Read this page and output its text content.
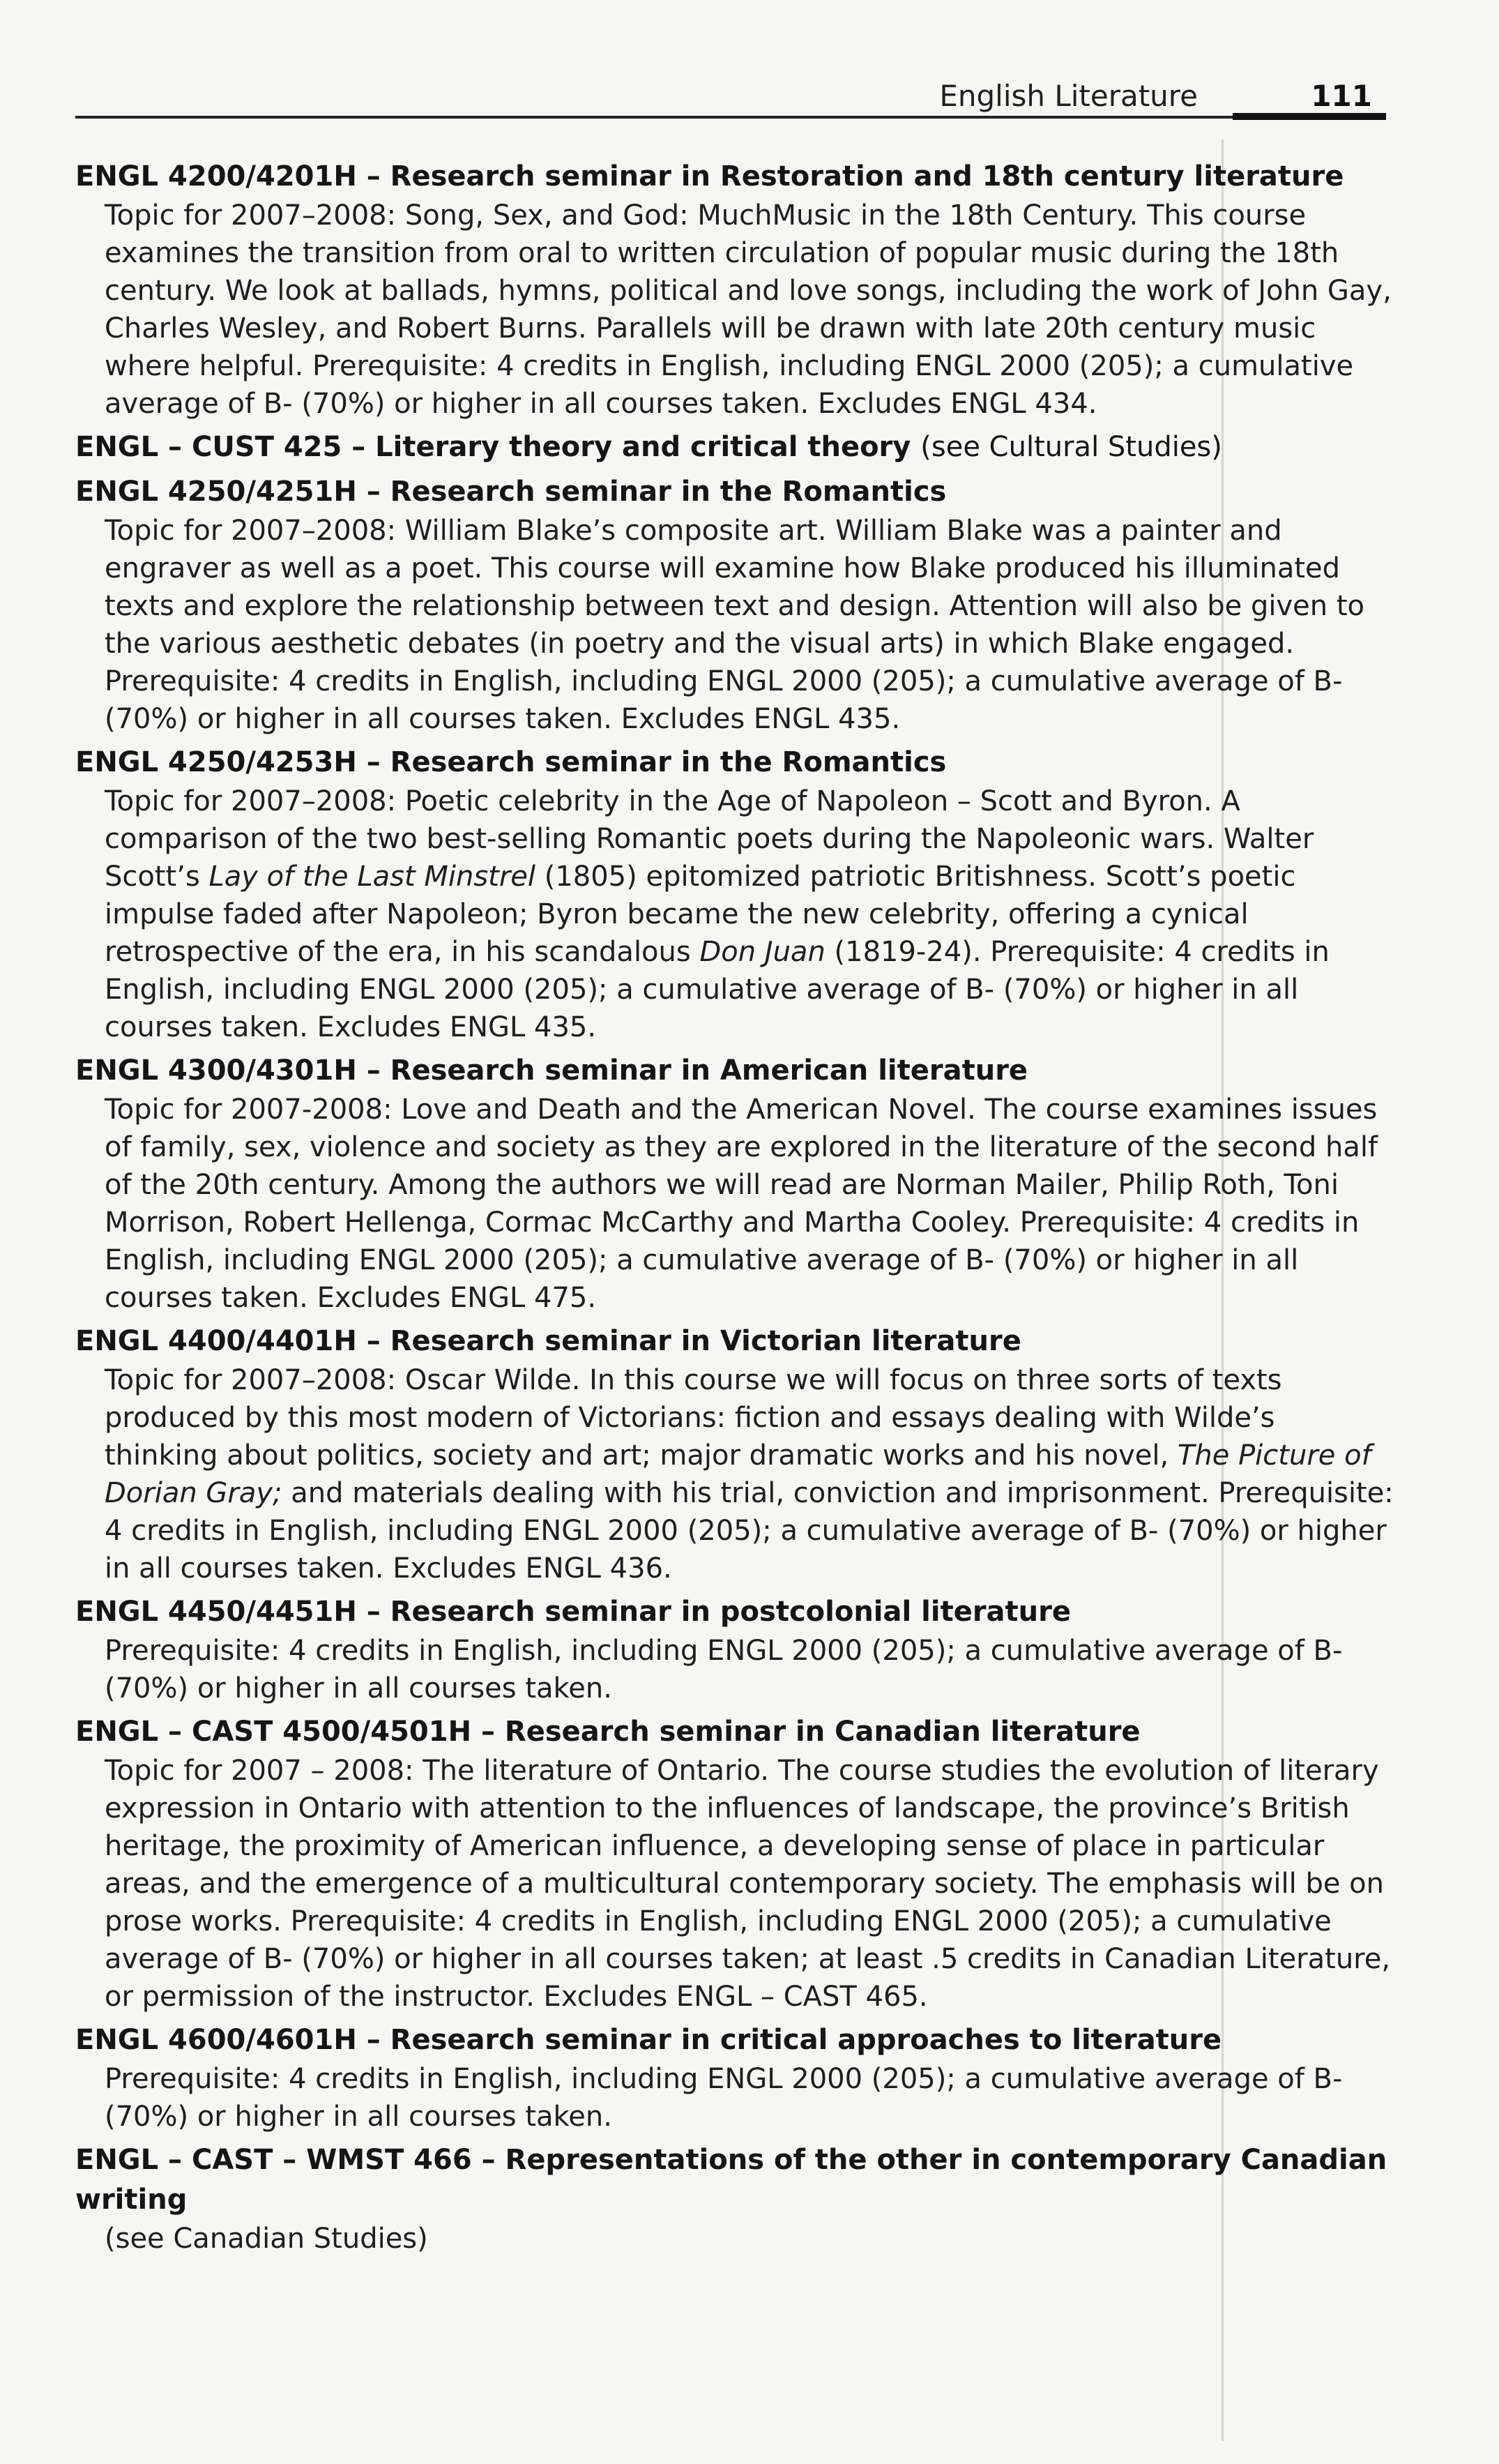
English Literature	111

ENGL 4200/4201H – Research seminar in Restoration and 18th century literature

Topic for 2007–2008: Song, Sex, and God: MuchMusic in the 18th Century. This course examines the transition from oral to written circulation of popular music during the 18th century. We look at ballads, hymns, political and love songs, including the work of John Gay, Charles Wesley, and Robert Burns. Parallels will be drawn with late 20th century music where helpful. Prerequisite: 4 credits in English, including ENGL 2000 (205); a cumulative average of B- (70%) or higher in all courses taken. Excludes ENGL 434.

ENGL – CUST 425 – Literary theory and critical theory (see Cultural Studies)

ENGL 4250/4251H – Research seminar in the Romantics

Topic for 2007–2008: William Blake’s composite art. William Blake was a painter and engraver as well as a poet. This course will examine how Blake produced his illuminated texts and explore the relationship between text and design. Attention will also be given to the various aesthetic debates (in poetry and the visual arts) in which Blake engaged. Prerequisite: 4 credits in English, including ENGL 2000 (205); a cumulative average of B- (70%) or higher in all courses taken. Excludes ENGL 435.

ENGL 4250/4253H – Research seminar in the Romantics

Topic for 2007–2008: Poetic celebrity in the Age of Napoleon – Scott and Byron. A comparison of the two best-selling Romantic poets during the Napoleonic wars. Walter Scott’s Lay of the Last Minstrel (1805) epitomized patriotic Britishness. Scott’s poetic impulse faded after Napoleon; Byron became the new celebrity, offering a cynical retrospective of the era, in his scandalous Don Juan (1819-24). Prerequisite: 4 credits in English, including ENGL 2000 (205); a cumulative average of B- (70%) or higher in all courses taken. Excludes ENGL 435.

ENGL 4300/4301H – Research seminar in American literature

Topic for 2007-2008: Love and Death and the American Novel. The course examines issues of family, sex, violence and society as they are explored in the literature of the second half of the 20th century. Among the authors we will read are Norman Mailer, Philip Roth, Toni Morrison, Robert Hellenga, Cormac McCarthy and Martha Cooley. Prerequisite: 4 credits in English, including ENGL 2000 (205); a cumulative average of B- (70%) or higher in all courses taken. Excludes ENGL 475.

ENGL 4400/4401H – Research seminar in Victorian literature

Topic for 2007–2008: Oscar Wilde. In this course we will focus on three sorts of texts produced by this most modern of Victorians: fiction and essays dealing with Wilde’s thinking about politics, society and art; major dramatic works and his novel, The Picture of Dorian Gray; and materials dealing with his trial, conviction and imprisonment. Prerequisite: 4 credits in English, including ENGL 2000 (205); a cumulative average of B- (70%) or higher in all courses taken. Excludes ENGL 436.

ENGL 4450/4451H – Research seminar in postcolonial literature

Prerequisite: 4 credits in English, including ENGL 2000 (205); a cumulative average of B- (70%) or higher in all courses taken.

ENGL – CAST 4500/4501H – Research seminar in Canadian literature

Topic for 2007 – 2008: The literature of Ontario. The course studies the evolution of literary expression in Ontario with attention to the influences of landscape, the province’s British heritage, the proximity of American influence, a developing sense of place in particular areas, and the emergence of a multicultural contemporary society. The emphasis will be on prose works. Prerequisite: 4 credits in English, including ENGL 2000 (205); a cumulative average of B- (70%) or higher in all courses taken; at least .5 credits in Canadian Literature, or permission of the instructor. Excludes ENGL – CAST 465.

ENGL 4600/4601H – Research seminar in critical approaches to literature

Prerequisite: 4 credits in English, including ENGL 2000 (205); a cumulative average of B- (70%) or higher in all courses taken.

ENGL – CAST – WMST 466 – Representations of the other in contemporary Canadian writing

(see Canadian Studies)
